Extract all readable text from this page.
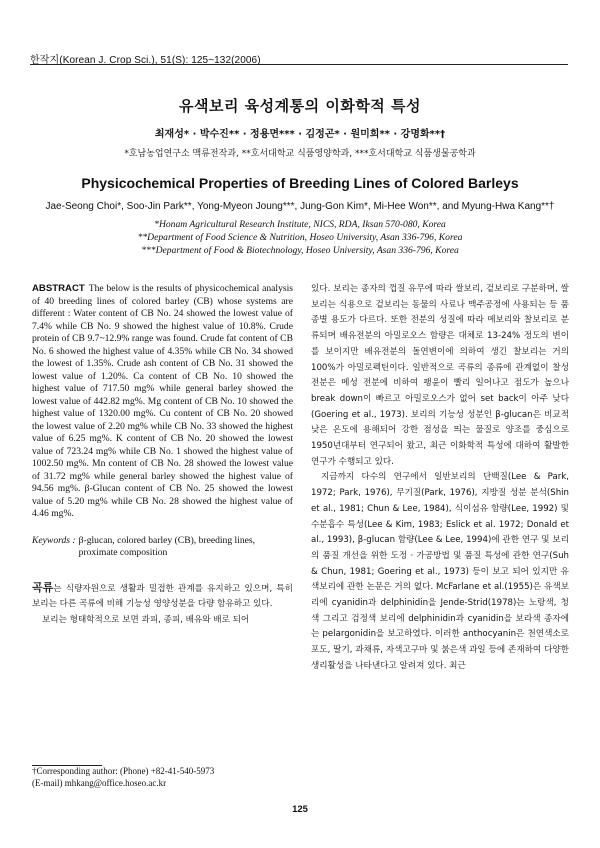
한작지(Korean J. Crop Sci.), 51(S): 125~132(2006)
유색보리 육성계통의 이화학적 특성
최재성* · 박수진** · 정용면*** · 김정곤* · 원미희** · 강명화**†
*호남농업연구소 맥류전작과, **호서대학교 식품영양학과, ***호서대학교 식품생물공학과
Physicochemical Properties of Breeding Lines of Colored Barleys
Jae-Seong Choi*, Soo-Jin Park**, Yong-Myeon Joung***, Jung-Gon Kim*, Mi-Hee Won**, and Myung-Hwa Kang**†
*Honam Agricultural Research Institute, NICS, RDA, Iksan 570-080, Korea
**Department of Food Science & Nutrition, Hoseo University, Asan 336-796, Korea
***Department of Food & Biotechnology, Hoseo University, Asan 336-796, Korea

ABSTRACT The below is the results of physicochemical analysis of 40 breeding lines of colored barley (CB) whose systems are different : Water content of CB No. 24 showed the lowest value of 7.4% while CB No. 9 showed the highest value of 10.8%. Crude protein of CB 9.7~12.9% range was found. Crude fat content of CB No. 6 showed the highest value of 4.35% while CB No. 34 showed the lowest of 1.35%. Crude ash content of CB No. 31 showed the lowest value of 1.20%. Ca content of CB No. 10 showed the highest value of 717.50 mg% while general barley showed the lowest value of 442.82 mg%. Mg content of CB No. 10 showed the highest value of 1320.00 mg%. Cu content of CB No. 20 showed the lowest value of 2.20 mg% while CB No. 33 showed the highest value of 6.25 mg%. K content of CB No. 20 showed the lowest value of 723.24 mg% while CB No. 1 showed the highest value of 1002.50 mg%. Mn content of CB No. 28 showed the lowest value of 31.72 mg% while general barley showed the highest value of 94.56 mg%. β-Glucan content of CB No. 25 showed the lowest value of 5.20 mg% while CB No. 28 showed the highest value of 4.46 mg%.

Keywords : β-glucan, colored barley (CB), breeding lines, proximate composition

곡류는 식량자원으로 생활과 밀접한 관계를 유지하고 있으며, 특히 보리는 다른 곡류에 비해 기능성 영양성분을 다량 함유하고 있다.

보리는 형태학적으로 보면 과피, 종피, 배유와 배로 되어

있다. 보리는 종자의 껍질 유무에 따라 쌀보리, 겉보리로 구분하며, 쌀보리는 식용으로 겉보리는 동물의 사료나 맥주공정에 사용되는 등 품종별 용도가 다르다. 또한 전분의 성질에 따라 메보리와 찰보리로 분류되며 배유전분의 아밀로오스 함량은 대체로 13-24% 정도의 변이를 보이지만 배유전분의 돌연변이에 의하여 생긴 찰보리는 거의 100%가 아밀로펙틴이다. 일반적으로 곡류의 종류에 관계없이 찰성 전분은 메성 전분에 비하여 팽윤이 빨리 일어나고 점도가 높으나 break down이 빠르고 아밀로오스가 없어 set back이 아주 낮다(Goering et al., 1973). 보리의 기능성 성분인 β-glucan은 비교적 낮은 온도에 용해되어 강한 점성을 띄는 물질로 양조를 중심으로 1950년대부터 연구되어 왔고, 최근 이화학적 특성에 대하여 활발한 연구가 수행되고 있다.

지금까지 다수의 연구에서 일반보리의 단백질(Lee & Park, 1972; Park, 1976), 무기질(Park, 1976), 지방질 성분 분석(Shin et al., 1981; Chun & Lee, 1984), 식이섬유 함량(Lee, 1992) 및 수분흡수 특성(Lee & Kim, 1983; Eslick et al. 1972; Donald et al., 1993), β-glucan 함량(Lee & Lee, 1994)에 관한 연구 및 보리의 품질 개선을 위한 도정 · 가공방법 및 품질 특성에 관한 연구(Suh & Chun, 1981; Goering et al., 1973) 등이 보고 되어 있지만 유색보리에 관한 논문은 거의 없다. McFarlane et al.(1955)은 유색보리에 cyanidin과 delphinidin을 Jende-Strid(1978)는 노랑색, 청색 그리고 검정색 보리에 delphinidin과 cyanidin을 보라색 종자에는 pelargonidin을 보고하였다. 이러한 anthocyanin은 천연색소로 포도, 딸기, 과채류, 자색고구마 및 붉은색 과일 등에 존재하여 다양한 생리활성을 나타낸다고 알려져 있다. 최근

†Corresponding author: (Phone) +82-41-540-5973
(E-mail) mhkang@office.hoseo.ac.kr
125
